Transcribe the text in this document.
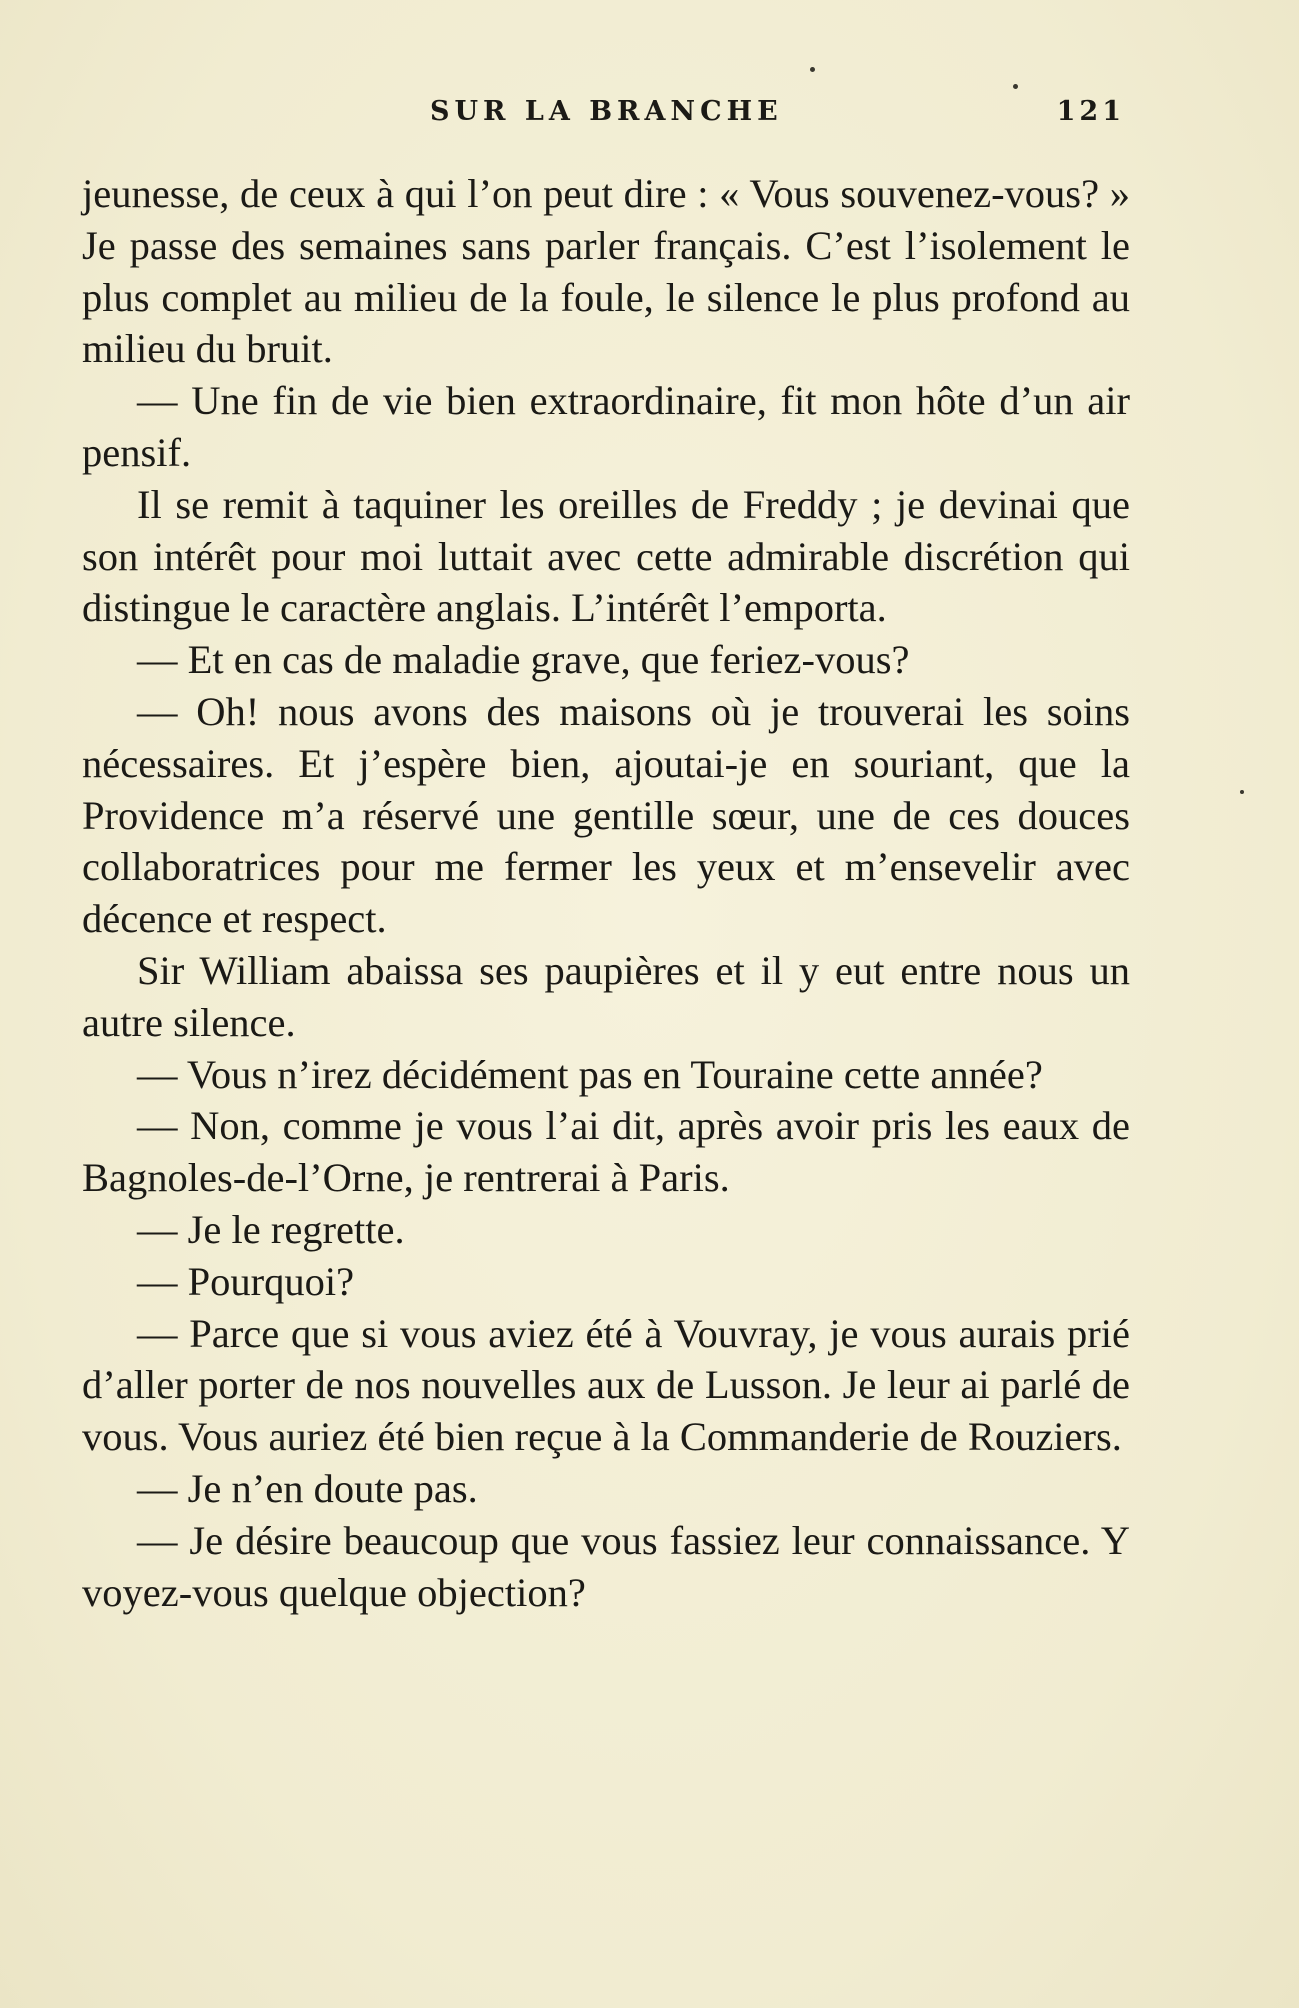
SUR LA BRANCHE	121

jeunesse, de ceux à qui l’on peut dire : « Vous souvenez-vous? » Je passe des semaines sans parler français. C’est l’isolement le plus complet au milieu de la foule, le silence le plus profond au milieu du bruit.

— Une fin de vie bien extraordinaire, fit mon hôte d’un air pensif.

Il se remit à taquiner les oreilles de Freddy ; je devinai que son intérêt pour moi luttait avec cette admirable discrétion qui distingue le caractère anglais. L’intérêt l’emporta.

— Et en cas de maladie grave, que feriez-vous?

— Oh! nous avons des maisons où je trouverai les soins nécessaires. Et j’espère bien, ajoutai-je en souriant, que la Providence m’a réservé une gentille sœur, une de ces douces collaboratrices pour me fermer les yeux et m’ensevelir avec décence et respect.

Sir William abaissa ses paupières et il y eut entre nous un autre silence.

— Vous n’irez décidément pas en Touraine cette année?

— Non, comme je vous l’ai dit, après avoir pris les eaux de Bagnoles-de-l’Orne, je rentrerai à Paris.

— Je le regrette.

— Pourquoi?

— Parce que si vous aviez été à Vouvray, je vous aurais prié d’aller porter de nos nouvelles aux de Lusson. Je leur ai parlé de vous. Vous auriez été bien reçue à la Commanderie de Rouziers.

— Je n’en doute pas.

— Je désire beaucoup que vous fassiez leur connaissance. Y voyez-vous quelque objection?
